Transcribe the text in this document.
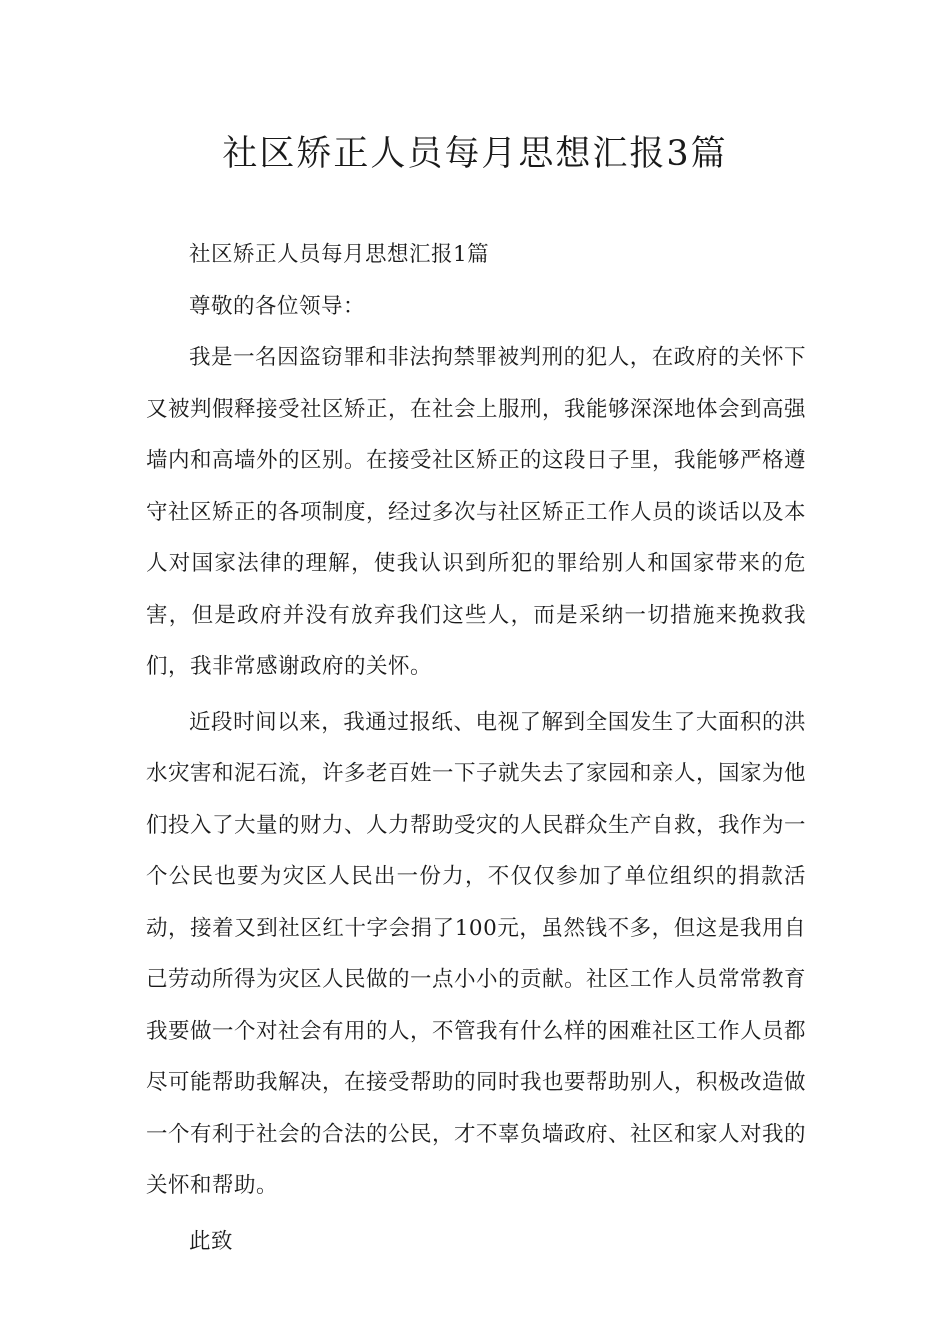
社区矫正人员每月思想汇报3篇

社区矫正人员每月思想汇报1篇

尊敬的各位领导：

我是一名因盗窃罪和非法拘禁罪被判刑的犯人，在政府的关怀下又被判假释接受社区矫正，在社会上服刑，我能够深深地体会到高强墙内和高墙外的区别。在接受社区矫正的这段日子里，我能够严格遵守社区矫正的各项制度，经过多次与社区矫正工作人员的谈话以及本人对国家法律的理解，使我认识到所犯的罪给别人和国家带来的危害，但是政府并没有放弃我们这些人，而是采纳一切措施来挽救我们，我非常感谢政府的关怀。

近段时间以来，我通过报纸、电视了解到全国发生了大面积的洪水灾害和泥石流，许多老百姓一下子就失去了家园和亲人，国家为他们投入了大量的财力、人力帮助受灾的人民群众生产自救，我作为一个公民也要为灾区人民出一份力，不仅仅参加了单位组织的捐款活动，接着又到社区红十字会捐了100元，虽然钱不多，但这是我用自己劳动所得为灾区人民做的一点小小的贡献。社区工作人员常常教育我要做一个对社会有用的人，不管我有什么样的困难社区工作人员都尽可能帮助我解决，在接受帮助的同时我也要帮助别人，积极改造做一个有利于社会的合法的公民，才不辜负墙政府、社区和家人对我的关怀和帮助。

此致
